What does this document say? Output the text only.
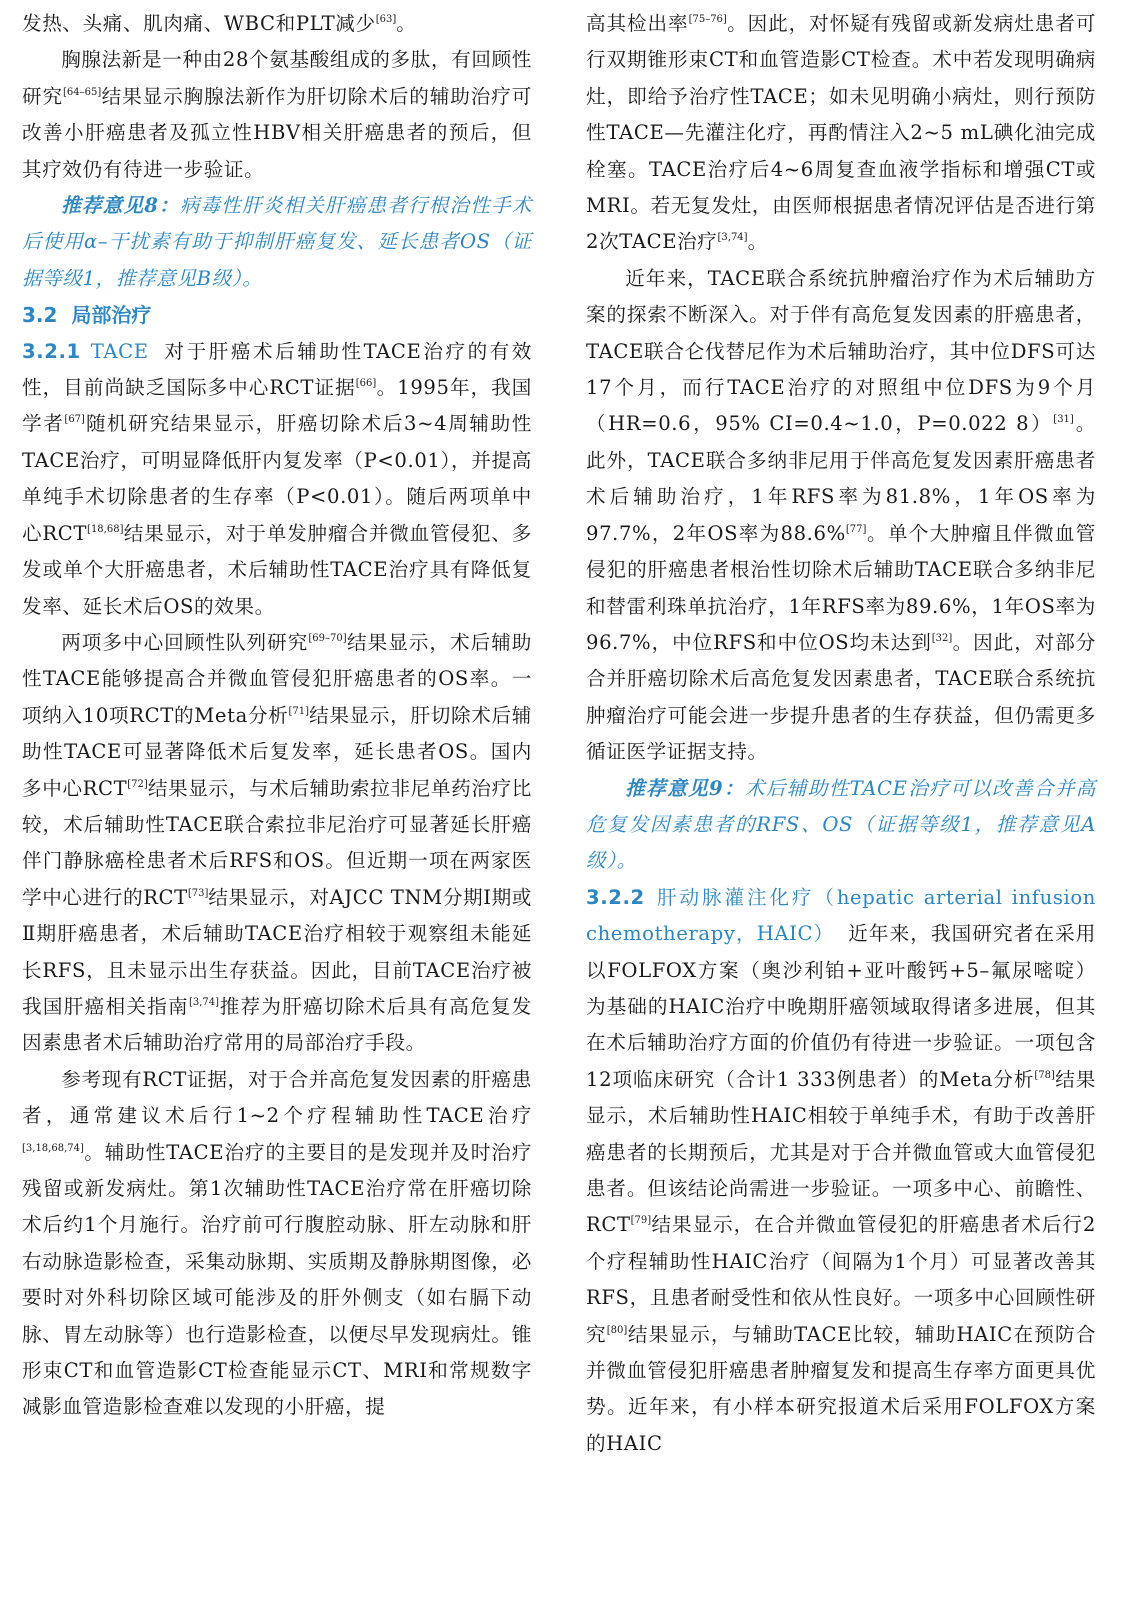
发热、头痛、肌肉痛、WBC和PLT减少[63]。

胸腺法新是一种由28个氨基酸组成的多肽，有回顾性研究[64–65]结果显示胸腺法新作为肝切除术后的辅助治疗可改善小肝癌患者及孤立性HBV相关肝癌患者的预后，但其疗效仍有待进一步验证。

推荐意见8：病毒性肝炎相关肝癌患者行根治性手术后使用α–干扰素有助于抑制肝癌复发、延长患者OS（证据等级1，推荐意见B级）。

3.2 局部治疗

3.2.1 TACE 对于肝癌术后辅助性TACE治疗的有效性，目前尚缺乏国际多中心RCT证据[66]。1995年，我国学者[67]随机研究结果显示，肝癌切除术后3~4周辅助性TACE治疗，可明显降低肝内复发率（P<0.01），并提高单纯手术切除患者的生存率（P<0.01）。随后两项单中心RCT[18,68]结果显示，对于单发肿瘤合并微血管侵犯、多发或单个大肝癌患者，术后辅助性TACE治疗具有降低复发率、延长术后OS的效果。

两项多中心回顾性队列研究[69–70]结果显示，术后辅助性TACE能够提高合并微血管侵犯肝癌患者的OS率。一项纳入10项RCT的Meta分析[71]结果显示，肝切除术后辅助性TACE可显著降低术后复发率，延长患者OS。国内多中心RCT[72]结果显示，与术后辅助索拉非尼单药治疗比较，术后辅助性TACE联合索拉非尼治疗可显著延长肝癌伴门静脉癌栓患者术后RFS和OS。但近期一项在两家医学中心进行的RCT[73]结果显示，对AJCC TNM分期Ⅰ期或Ⅱ期肝癌患者，术后辅助TACE治疗相较于观察组未能延长RFS，且未显示出生存获益。因此，目前TACE治疗被我国肝癌相关指南[3,74]推荐为肝癌切除术后具有高危复发因素患者术后辅助治疗常用的局部治疗手段。

参考现有RCT证据，对于合并高危复发因素的肝癌患者，通常建议术后行1~2个疗程辅助性TACE治疗[3,18,68,74]。辅助性TACE治疗的主要目的是发现并及时治疗残留或新发病灶。第1次辅助性TACE治疗常在肝癌切除术后约1个月施行。治疗前可行腹腔动脉、肝左动脉和肝右动脉造影检查，采集动脉期、实质期及静脉期图像，必要时对外科切除区域可能涉及的肝外侧支（如右膈下动脉、胃左动脉等）也行造影检查，以便尽早发现病灶。锥形束CT和血管造影CT检查能显示CT、MRI和常规数字减影血管造影检查难以发现的小肝癌，提

高其检出率[75–76]。因此，对怀疑有残留或新发病灶患者可行双期锥形束CT和血管造影CT检查。术中若发现明确病灶，即给予治疗性TACE；如未见明确小病灶，则行预防性TACE—先灌注化疗，再酌情注入2~5 mL碘化油完成栓塞。TACE治疗后4~6周复查血液学指标和增强CT或MRI。若无复发灶，由医师根据患者情况评估是否进行第2次TACE治疗[3,74]。

近年来，TACE联合系统抗肿瘤治疗作为术后辅助方案的探索不断深入。对于伴有高危复发因素的肝癌患者，TACE联合仑伐替尼作为术后辅助治疗，其中位DFS可达17个月，而行TACE治疗的对照组中位DFS为9个月（HR=0.6，95% CI=0.4~1.0，P=0.022 8）[31]。此外，TACE联合多纳非尼用于伴高危复发因素肝癌患者术后辅助治疗，1年RFS率为81.8%，1年OS率为97.7%，2年OS率为88.6%[77]。单个大肿瘤且伴微血管侵犯的肝癌患者根治性切除术后辅助TACE联合多纳非尼和替雷利珠单抗治疗，1年RFS率为89.6%，1年OS率为96.7%，中位RFS和中位OS均未达到[32]。因此，对部分合并肝癌切除术后高危复发因素患者，TACE联合系统抗肿瘤治疗可能会进一步提升患者的生存获益，但仍需更多循证医学证据支持。

推荐意见9：术后辅助性TACE治疗可以改善合并高危复发因素患者的RFS、OS（证据等级1，推荐意见A级）。

3.2.2 肝动脉灌注化疗（hepatic arterial infusion chemotherapy，HAIC） 近年来，我国研究者在采用以FOLFOX方案（奥沙利铂+亚叶酸钙+5–氟尿嘧啶）为基础的HAIC治疗中晚期肝癌领域取得诸多进展，但其在术后辅助治疗方面的价值仍有待进一步验证。一项包含12项临床研究（合计1 333例患者）的Meta分析[78]结果显示，术后辅助性HAIC相较于单纯手术，有助于改善肝癌患者的长期预后，尤其是对于合并微血管或大血管侵犯患者。但该结论尚需进一步验证。一项多中心、前瞻性、RCT[79]结果显示，在合并微血管侵犯的肝癌患者术后行2个疗程辅助性HAIC治疗（间隔为1个月）可显著改善其RFS，且患者耐受性和依从性良好。一项多中心回顾性研究[80]结果显示，与辅助TACE比较，辅助HAIC在预防合并微血管侵犯肝癌患者肿瘤复发和提高生存率方面更具优势。近年来，有小样本研究报道术后采用FOLFOX方案的HAIC
